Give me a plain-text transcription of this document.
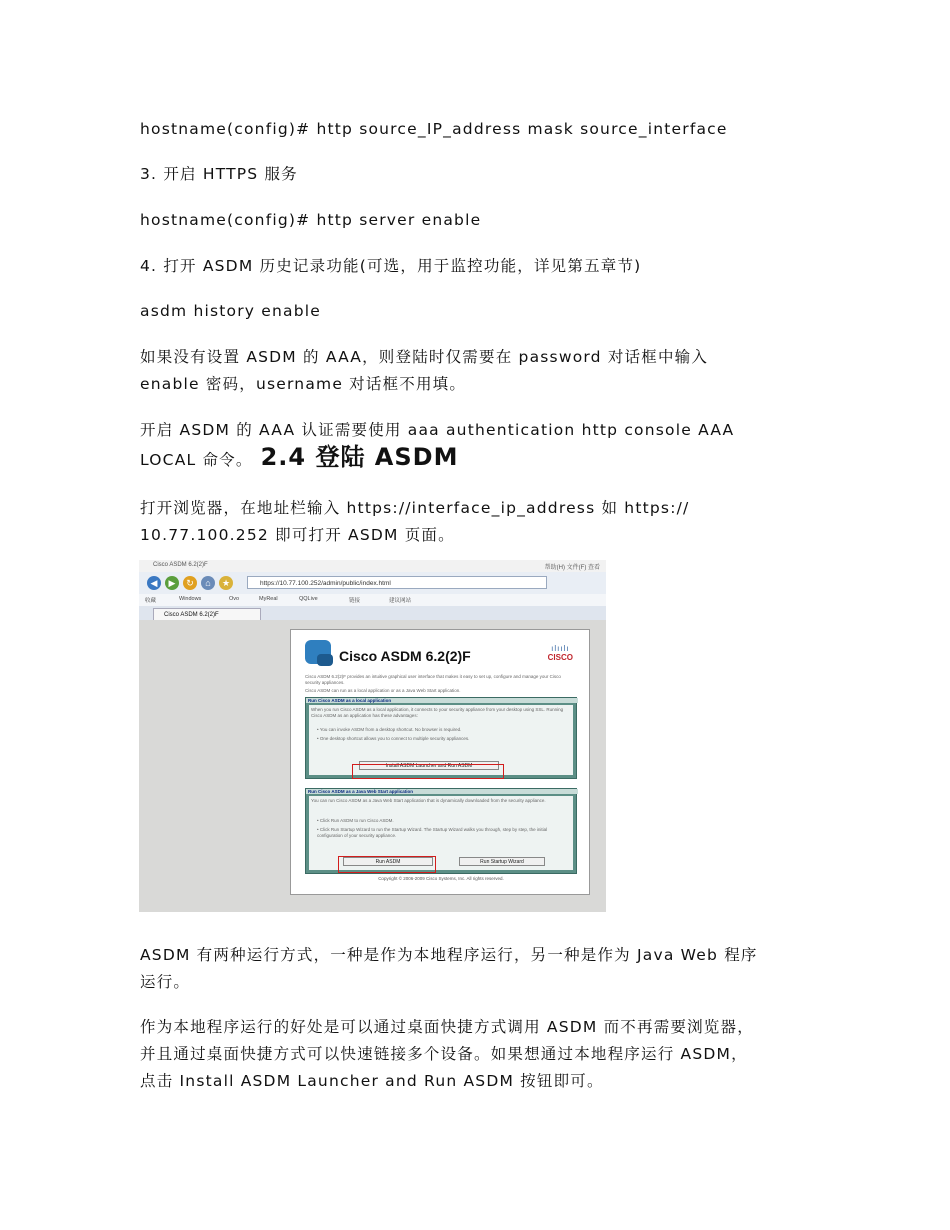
hostname(config)# http source_IP_address mask source_interface
3. 开启 HTTPS 服务
hostname(config)# http server enable
4. 打开 ASDM 历史记录功能(可选，用于监控功能，详见第五章节)
asdm history enable
如果没有设置 ASDM 的 AAA，则登陆时仅需要在 password 对话框中输入
enable 密码，username 对话框不用填。
开启 ASDM 的 AAA 认证需要使用 aaa authentication http console AAA
LOCAL 命令。 2.4 登陆 ASDM
打开浏览器，在地址栏输入 https://interface_ip_address 如 https://
10.77.100.252 即可打开 ASDM 页面。
Cisco ASDM 6.2(2)F	帮助(H) 文件(F) 查看
◀	▶	↻	⌂	★	https://10.77.100.252/admin/public/index.html
收藏	Windows	Ovo	MyReal	QQLive	链接	建议网站
Cisco ASDM 6.2(2)F
Cisco ASDM 6.2(2)F	ılıılı
CISCO
Cisco ASDM 6.2(2)F provides an intuitive graphical user interface that makes it easy to set up, configure and manage your Cisco security appliances.
Cisco ASDM can run as a local application or as a Java Web Start application.
Run Cisco ASDM as a local application
When you run Cisco ASDM as a local application, it connects to your security appliance from your desktop using SSL. Running Cisco ASDM as an application has these advantages:
• You can invoke ASDM from a desktop shortcut. No browser is required.
• One desktop shortcut allows you to connect to multiple security appliances.
Install ASDM Launcher and Run ASDM
Run Cisco ASDM as a Java Web Start application
You can run Cisco ASDM as a Java Web Start application that is dynamically downloaded from the security appliance.
• Click Run ASDM to run Cisco ASDM.
• Click Run Startup Wizard to run the Startup Wizard. The Startup Wizard walks you through, step by step, the initial configuration of your security appliance.
Run ASDM	Run Startup Wizard
Copyright © 2006-2009 Cisco Systems, Inc. All rights reserved.
ASDM 有两种运行方式，一种是作为本地程序运行，另一种是作为 Java Web 程序
运行。
作为本地程序运行的好处是可以通过桌面快捷方式调用 ASDM 而不再需要浏览器，
并且通过桌面快捷方式可以快速链接多个设备。如果想通过本地程序运行 ASDM，
点击 Install ASDM Launcher and Run ASDM 按钮即可。
